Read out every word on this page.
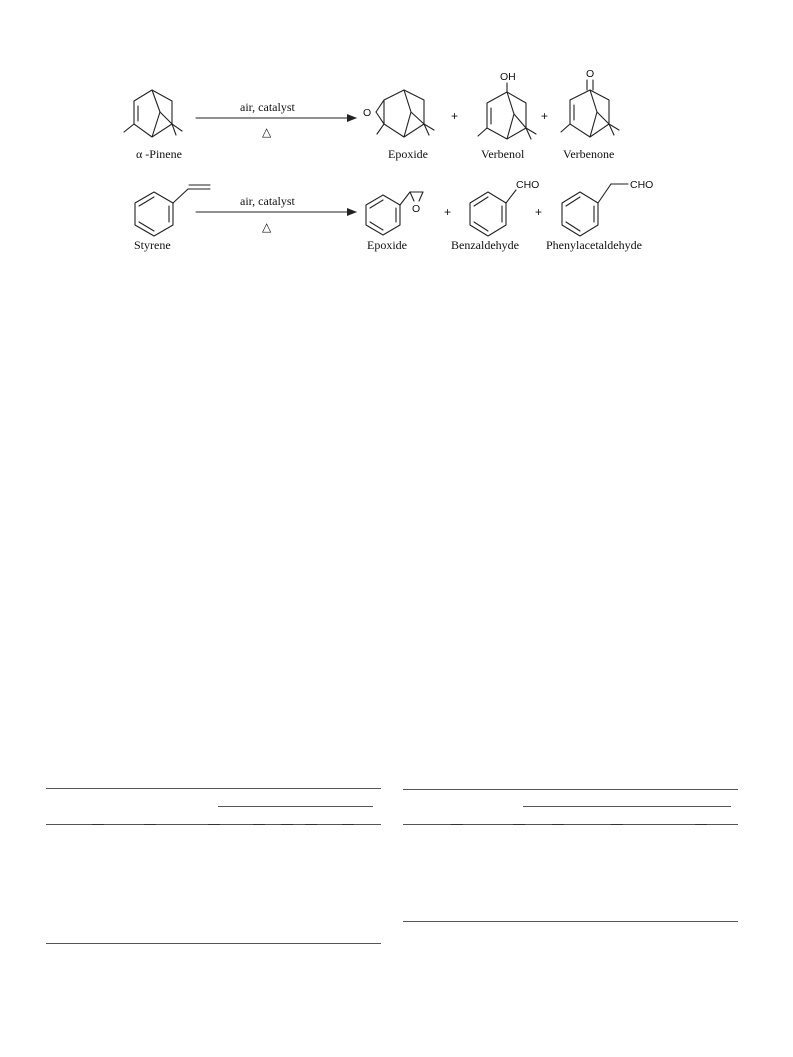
α -Pinene
air, catalyst
△
O
Epoxide
+
OH
Verbenol
+
O
Verbenone
Styrene
air, catalyst
△
O
Epoxide
+
CHO
Benzaldehyde
+
CHO
Phenylacetaldehyde
